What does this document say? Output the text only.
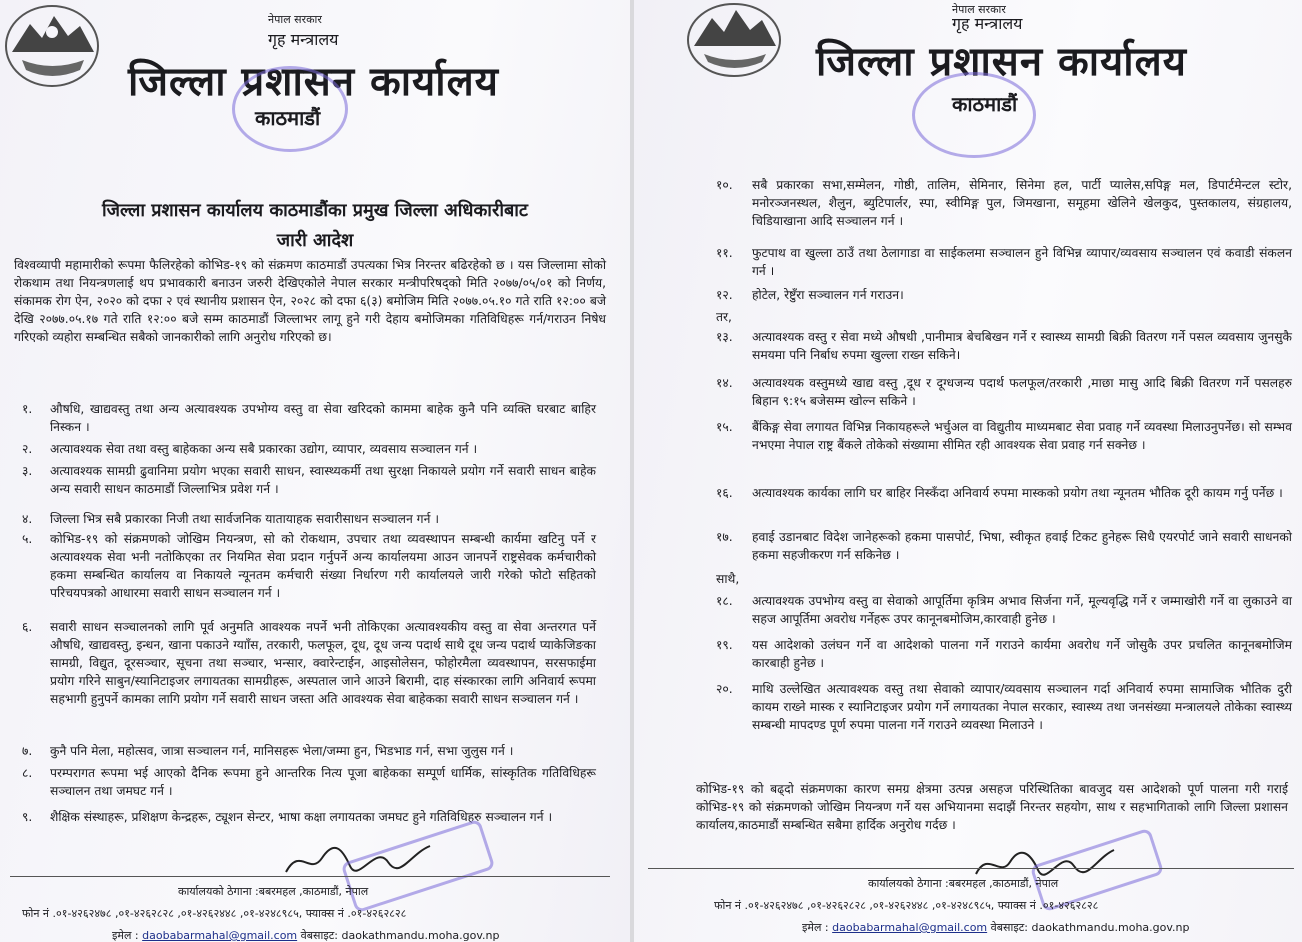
नेपाल सरकार
गृह मन्त्रालय
जिल्ला प्रशासन कार्यालय
काठमाडौं
जिल्ला प्रशासन कार्यालय काठमाडौंका प्रमुख जिल्ला अधिकारीबाट
जारी आदेश
विश्वव्यापी महामारीको रूपमा फैलिरहेको कोभिड-१९ को संक्रमण काठमाडौं उपत्यका भित्र निरन्तर बढिरहेको छ । यस जिल्लामा सोको रोकथाम तथा नियन्त्रणलाई थप प्रभावकारी बनाउन जरुरी देखिएकोले नेपाल सरकार मन्त्रीपरिषद्को मिति २०७७/०५/०१ को निर्णय, संकामक रोग ऐन, २०२० को दफा २ एवं स्थानीय प्रशासन ऐन, २०२८ को दफा ६(३) बमोजिम मिति २०७७.०५.१० गते राति १२:०० बजे देखि २०७७.०५.१७ गते राति १२:०० बजे सम्म काठमाडौं जिल्लाभर लागू हुने गरी देहाय बमोजिमका गतिविधिहरू गर्न/गराउन निषेध गरिएको व्यहोरा सम्बन्धित सबैको जानकारीको लागि अनुरोध गरिएको छ।
१. औषधि, खाद्यवस्तु तथा अन्य अत्यावश्यक उपभोग्य वस्तु वा सेवा खरिदको काममा बाहेक कुनै पनि व्यक्ति घरबाट बाहिर निस्कन ।
२. अत्यावश्यक सेवा तथा वस्तु बाहेकका अन्य सबै प्रकारका उद्योग, व्यापार, व्यवसाय सञ्चालन गर्न ।
३. अत्यावश्यक सामग्री ढुवानिमा प्रयोग भएका सवारी साधन, स्वास्थ्यकर्मी तथा सुरक्षा निकायले प्रयोग गर्ने सवारी साधन बाहेक अन्य सवारी साधन काठमाडौं जिल्लाभित्र प्रवेश गर्न ।
४. जिल्ला भित्र सबै प्रकारका निजी तथा सार्वजनिक यातायाहक सवारीसाधन सञ्चालन गर्न ।
५. कोभिड-१९ को संक्रमणको जोखिम नियन्त्रण, सो को रोकथाम, उपचार तथा व्यवस्थापन सम्बन्धी कार्यमा खटिनु पर्ने र अत्यावश्यक सेवा भनी नतोकिएका तर नियमित सेवा प्रदान गर्नुपर्ने अन्य कार्यालयमा आउन जानपर्ने राष्ट्रसेवक कर्मचारीको हकमा सम्बन्धित कार्यालय वा निकायले न्यूनतम कर्मचारी संख्या निर्धारण गरी कार्यालयले जारी गरेको फोटो सहितको परिचयपत्रको आधारमा सवारी साधन सञ्चालन गर्न ।
६. सवारी साधन सञ्चालनको लागि पूर्व अनुमति आवश्यक नपर्ने भनी तोकिएका अत्यावश्यकीय वस्तु वा सेवा अन्तरगत पर्ने औषधि, खाद्यवस्तु, इन्धन, खाना पकाउने ग्यााँस, तरकारी, फलफूल, दूध, दूध जन्य पदार्थ साथै दूध जन्य पदार्थ प्याकेजिङका सामग्री, विद्युत, दूरसञ्चार, सूचना तथा सञ्चार, भन्सार, क्वारेन्टाईन, आइसोलेसन, फोहोरमैला व्यवस्थापन, सरसफाईमा प्रयोग गरिने साबुन/स्यानिटाइजर लगायतका सामग्रीहरू, अस्पताल जाने आउने बिरामी, दाह संस्कारका लागि अनिवार्य रूपमा सहभागी हुनुपर्ने कामका लागि प्रयोग गर्ने सवारी साधन जस्ता अति आवश्यक सेवा बाहेकका सवारी साधन सञ्चालन गर्न ।
७. कुनै पनि मेला, महोत्सव, जात्रा सञ्चालन गर्न, मानिसहरू भेला/जम्मा हुन, भिडभाड गर्न, सभा जुलुस गर्न ।
८. परम्परागत रूपमा भई आएको दैनिक रूपमा हुने आन्तरिक नित्य पूजा बाहेकका सम्पूर्ण धार्मिक, सांस्कृतिक गतिविधिहरू सञ्चालन तथा जमघट गर्न ।
९. शैक्षिक संस्थाहरू, प्रशिक्षण केन्द्रहरू, ट्यूशन सेन्टर, भाषा कक्षा लगायतका जमघट हुने गतिविधिहरु सञ्चालन गर्न ।
कार्यालयको ठेगाना :बबरमहल ,काठमाडौं, नेपाल
फोन नं .०१-४२६२४७८ ,०१-४२६२८२८ ,०१-४२६२४४८ ,०१-४२४८९८५, फ्याक्स नं .०१-४२६२८२८
इमेल : daobabarmahal@gmail.com वेबसाइट: daokathmandu.moha.gov.np
नेपाल सरकार
गृह मन्त्रालय
जिल्ला प्रशासन कार्यालय
काठमाडौं
१०. सबै प्रकारका सभा,सम्मेलन, गोष्ठी, तालिम, सेमिनार, सिनेमा हल, पार्टी प्यालेस,सपिङ्ग मल, डिपार्टमेन्टल स्टोर, मनोरञ्जनस्थल, शैलुन, ब्युटिपार्लर, स्पा, स्वीमिङ्ग पुल, जिमखाना, समूहमा खेलिने खेलकुद, पुस्तकालय, संग्रहालय, चिडियाखाना आदि सञ्चालन गर्न ।
११. फुटपाथ वा खुल्ला ठाउँ तथा ठेलागाडा वा साईकलमा सञ्चालन हुने विभिन्न व्यापार/व्यवसाय सञ्चालन एवं कवाडी संकलन गर्न ।
१२. होटेल, रेष्टुँरा सञ्चालन गर्न गराउन।
तर,
१३. अत्यावश्यक वस्तु र सेवा मध्ये औषधी ,पानीमात्र बेचबिखन गर्ने र स्वास्थ्य सामग्री बिक्री वितरण गर्ने पसल व्यवसाय जुनसुकै समयमा पनि निर्बाध रुपमा खुल्ला राख्न सकिने।
१४. अत्यावश्यक वस्तुमध्ये खाद्य वस्तु ,दूध र दूग्धजन्य पदार्थ फलफूल/तरकारी ,माछा मासु आदि बिक्री वितरण गर्ने पसलहरु बिहान ९:१५ बजेसम्म खोल्न सकिने ।
१५. बैंकिङ्ग सेवा लगायत विभिन्न निकायहरूले भर्चुअल वा विद्युतीय माध्यमबाट सेवा प्रवाह गर्ने व्यवस्था मिलाउनुपर्नेछ। सो सम्भव नभएमा नेपाल राष्ट्र बैंकले तोकेको संख्यामा सीमित रही आवश्यक सेवा प्रवाह गर्न सक्नेछ ।
१६. अत्यावश्यक कार्यका लागि घर बाहिर निस्कँदा अनिवार्य रुपमा मास्कको प्रयोग तथा न्यूनतम भौतिक दूरी कायम गर्नु पर्नेछ ।
१७. हवाई उडानबाट विदेश जानेहरूको हकमा पासपोर्ट, भिषा, स्वीकृत हवाई टिकट हुनेहरू सिधै एयरपोर्ट जाने सवारी साधनको हकमा सहजीकरण गर्न सकिनेछ ।
साथै,
१८. अत्यावश्यक उपभोग्य वस्तु वा सेवाको आपूर्तिमा कृत्रिम अभाव सिर्जना गर्ने, मूल्यवृद्धि गर्ने र जम्माखोरी गर्ने वा लुकाउने वा सहज आपूर्तिमा अवरोध गर्नेहरू उपर कानूनबमोजिम,कारवाही हुनेछ ।
१९. यस आदेशको उलंघन गर्ने वा आदेशको पालना गर्ने गराउने कार्यमा अवरोध गर्ने जोसुकै उपर प्रचलित कानूनबमोजिम कारबाही हुनेछ ।
२०. माथि उल्लेखित अत्यावश्यक वस्तु तथा सेवाको व्यापार/व्यवसाय सञ्चालन गर्दा अनिवार्य रुपमा सामाजिक भौतिक दुरी कायम राख्ने मास्क र स्यानिटाइजर प्रयोग गर्ने लगायतका नेपाल सरकार, स्वास्थ्य तथा जनसंख्या मन्त्रालयले तोकेका स्वास्थ्य सम्बन्धी मापदण्ड पूर्ण रुपमा पालना गर्ने गराउने व्यवस्था मिलाउने ।
कोभिड-१९ को बढ्दो संक्रमणका कारण समग्र क्षेत्रमा उत्पन्न असहज परिस्थितिका बावजुद यस आदेशको पूर्ण पालना गरी गराई कोभिड-१९ को संक्रमणको जोखिम नियन्त्रण गर्ने यस अभियानमा सदाझैं निरन्तर सहयोग, साथ र सहभागिताको लागि जिल्ला प्रशासन कार्यालय,काठमाडौं सम्बन्धित सबैमा हार्दिक अनुरोध गर्दछ ।
कार्यालयको ठेगाना :बबरमहल ,काठमाडौं, नेपाल
फोन नं .०१-४२६२४७८ ,०१-४२६२८२८ ,०१-४२६२४४८ ,०१-४२४८९८५, फ्याक्स नं .०१-४२६२८२८
इमेल : daobabarmahal@gmail.com वेबसाइट: daokathmandu.moha.gov.np
